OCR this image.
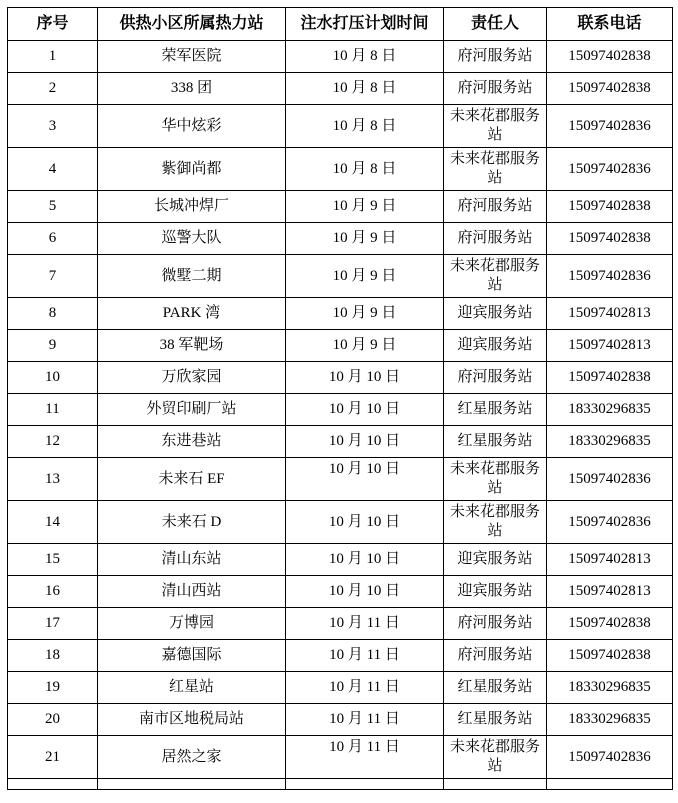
序号	供热小区所属热力站	注水打压计划时间	责任人	联系电话
1	荣军医院	10 月 8 日	府河服务站	15097402838
2	338 团	10 月 8 日	府河服务站	15097402838
3	华中炫彩	10 月 8 日	未来花郡服务站	15097402836
4	紫御尚都	10 月 8 日	未来花郡服务站	15097402836
5	长城冲焊厂	10 月 9 日	府河服务站	15097402838
6	巡警大队	10 月 9 日	府河服务站	15097402838
7	微墅二期	10 月 9 日	未来花郡服务站	15097402836
8	PARK 湾	10 月 9 日	迎宾服务站	15097402813
9	38 军靶场	10 月 9 日	迎宾服务站	15097402813
10	万欣家园	10 月 10 日	府河服务站	15097402838
11	外贸印刷厂站	10 月 10 日	红星服务站	18330296835
12	东进巷站	10 月 10 日	红星服务站	18330296835
13	未来石 EF	10 月 10 日	未来花郡服务站	15097402836
14	未来石 D	10 月 10 日	未来花郡服务站	15097402836
15	清山东站	10 月 10 日	迎宾服务站	15097402813
16	清山西站	10 月 10 日	迎宾服务站	15097402813
17	万博园	10 月 11 日	府河服务站	15097402838
18	嘉德国际	10 月 11 日	府河服务站	15097402838
19	红星站	10 月 11 日	红星服务站	18330296835
20	南市区地税局站	10 月 11 日	红星服务站	18330296835
21	居然之家	10 月 11 日	未来花郡服务站	15097402836
